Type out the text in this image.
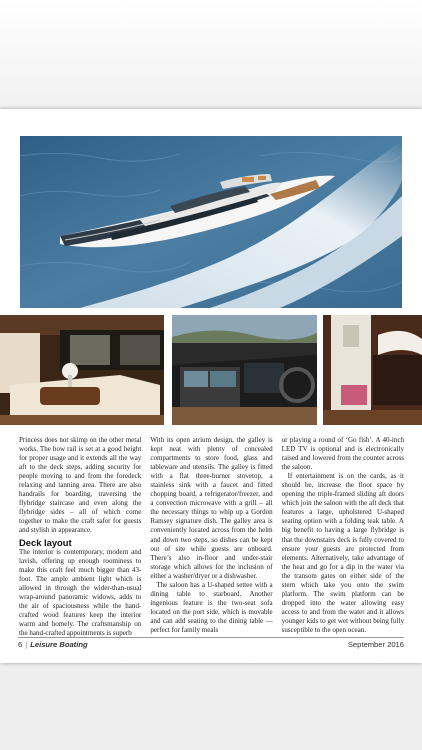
Princess does not skimp on the other metal works. The bow rail is set at a good height for proper usage and it extends all the way aft to the deck steps, adding security for people moving to and from the foredeck relaxing and tanning area. There are also handrails for boarding, traversing the flybridge staircase and even along the flybridge sides – all of which come together to make the craft safer for guests and stylish in appearance.

Deck layout

The interior is contemporary, modern and lavish, offering up enough roominess to make this craft feel much bigger than 43-foot. The ample ambient light which is allowed in through the wider-than-usual wrap-around panoramic widows, adds to the air of spaciousness while the hand-crafted wood features keep the interior warm and homely. The craftsmanship on the hand-crafted appointments is superb

With its open atrium design, the galley is kept neat with plenty of concealed compartments to store food, glass and tableware and utensils. The galley is fitted with a flat three-burner stovetop, a stainless sink with a faucet and fitted chopping board, a refrigerator/freezer, and a convection microwave with a grill – all the necessary things to whip up a Gordon Ramsey signature dish. The galley area is conveniently located across from the helm and down two steps, so dishes can be kept out of site while guests are onboard. There’s also in-floor and under-stair storage which allows for the inclusion of either a washer/dryer or a dishwasher.

The saloon has a U-shaped settee with a dining table to starboard. Another ingenious feature is the two-seat sofa located on the port side, which is movable and can add seating to the dining table — perfect for family meals

or playing a round of ‘Go fish’. A 40-inch LED TV is optional and is electronically raised and lowered from the counter across the saloon.

If entertainment is on the cards, as it should be, increase the floor space by opening the triple-framed sliding aft doors which join the saloon with the aft deck that features a large, upholstered U-shaped seating option with a folding teak table. A big benefit to having a large flybridge is that the downstairs deck is fully covered to ensure your guests are protected from elements. Alternatively, take advantage of the heat and go for a dip in the water via the transom gates on either side of the stern which take you onto the swim platform. The swim platform can be dropped into the water allowing easy access to and from the water and it allows younger kids to get wet without being fully susceptible to the open ocean.

6 | Leisure Boating	September 2016
